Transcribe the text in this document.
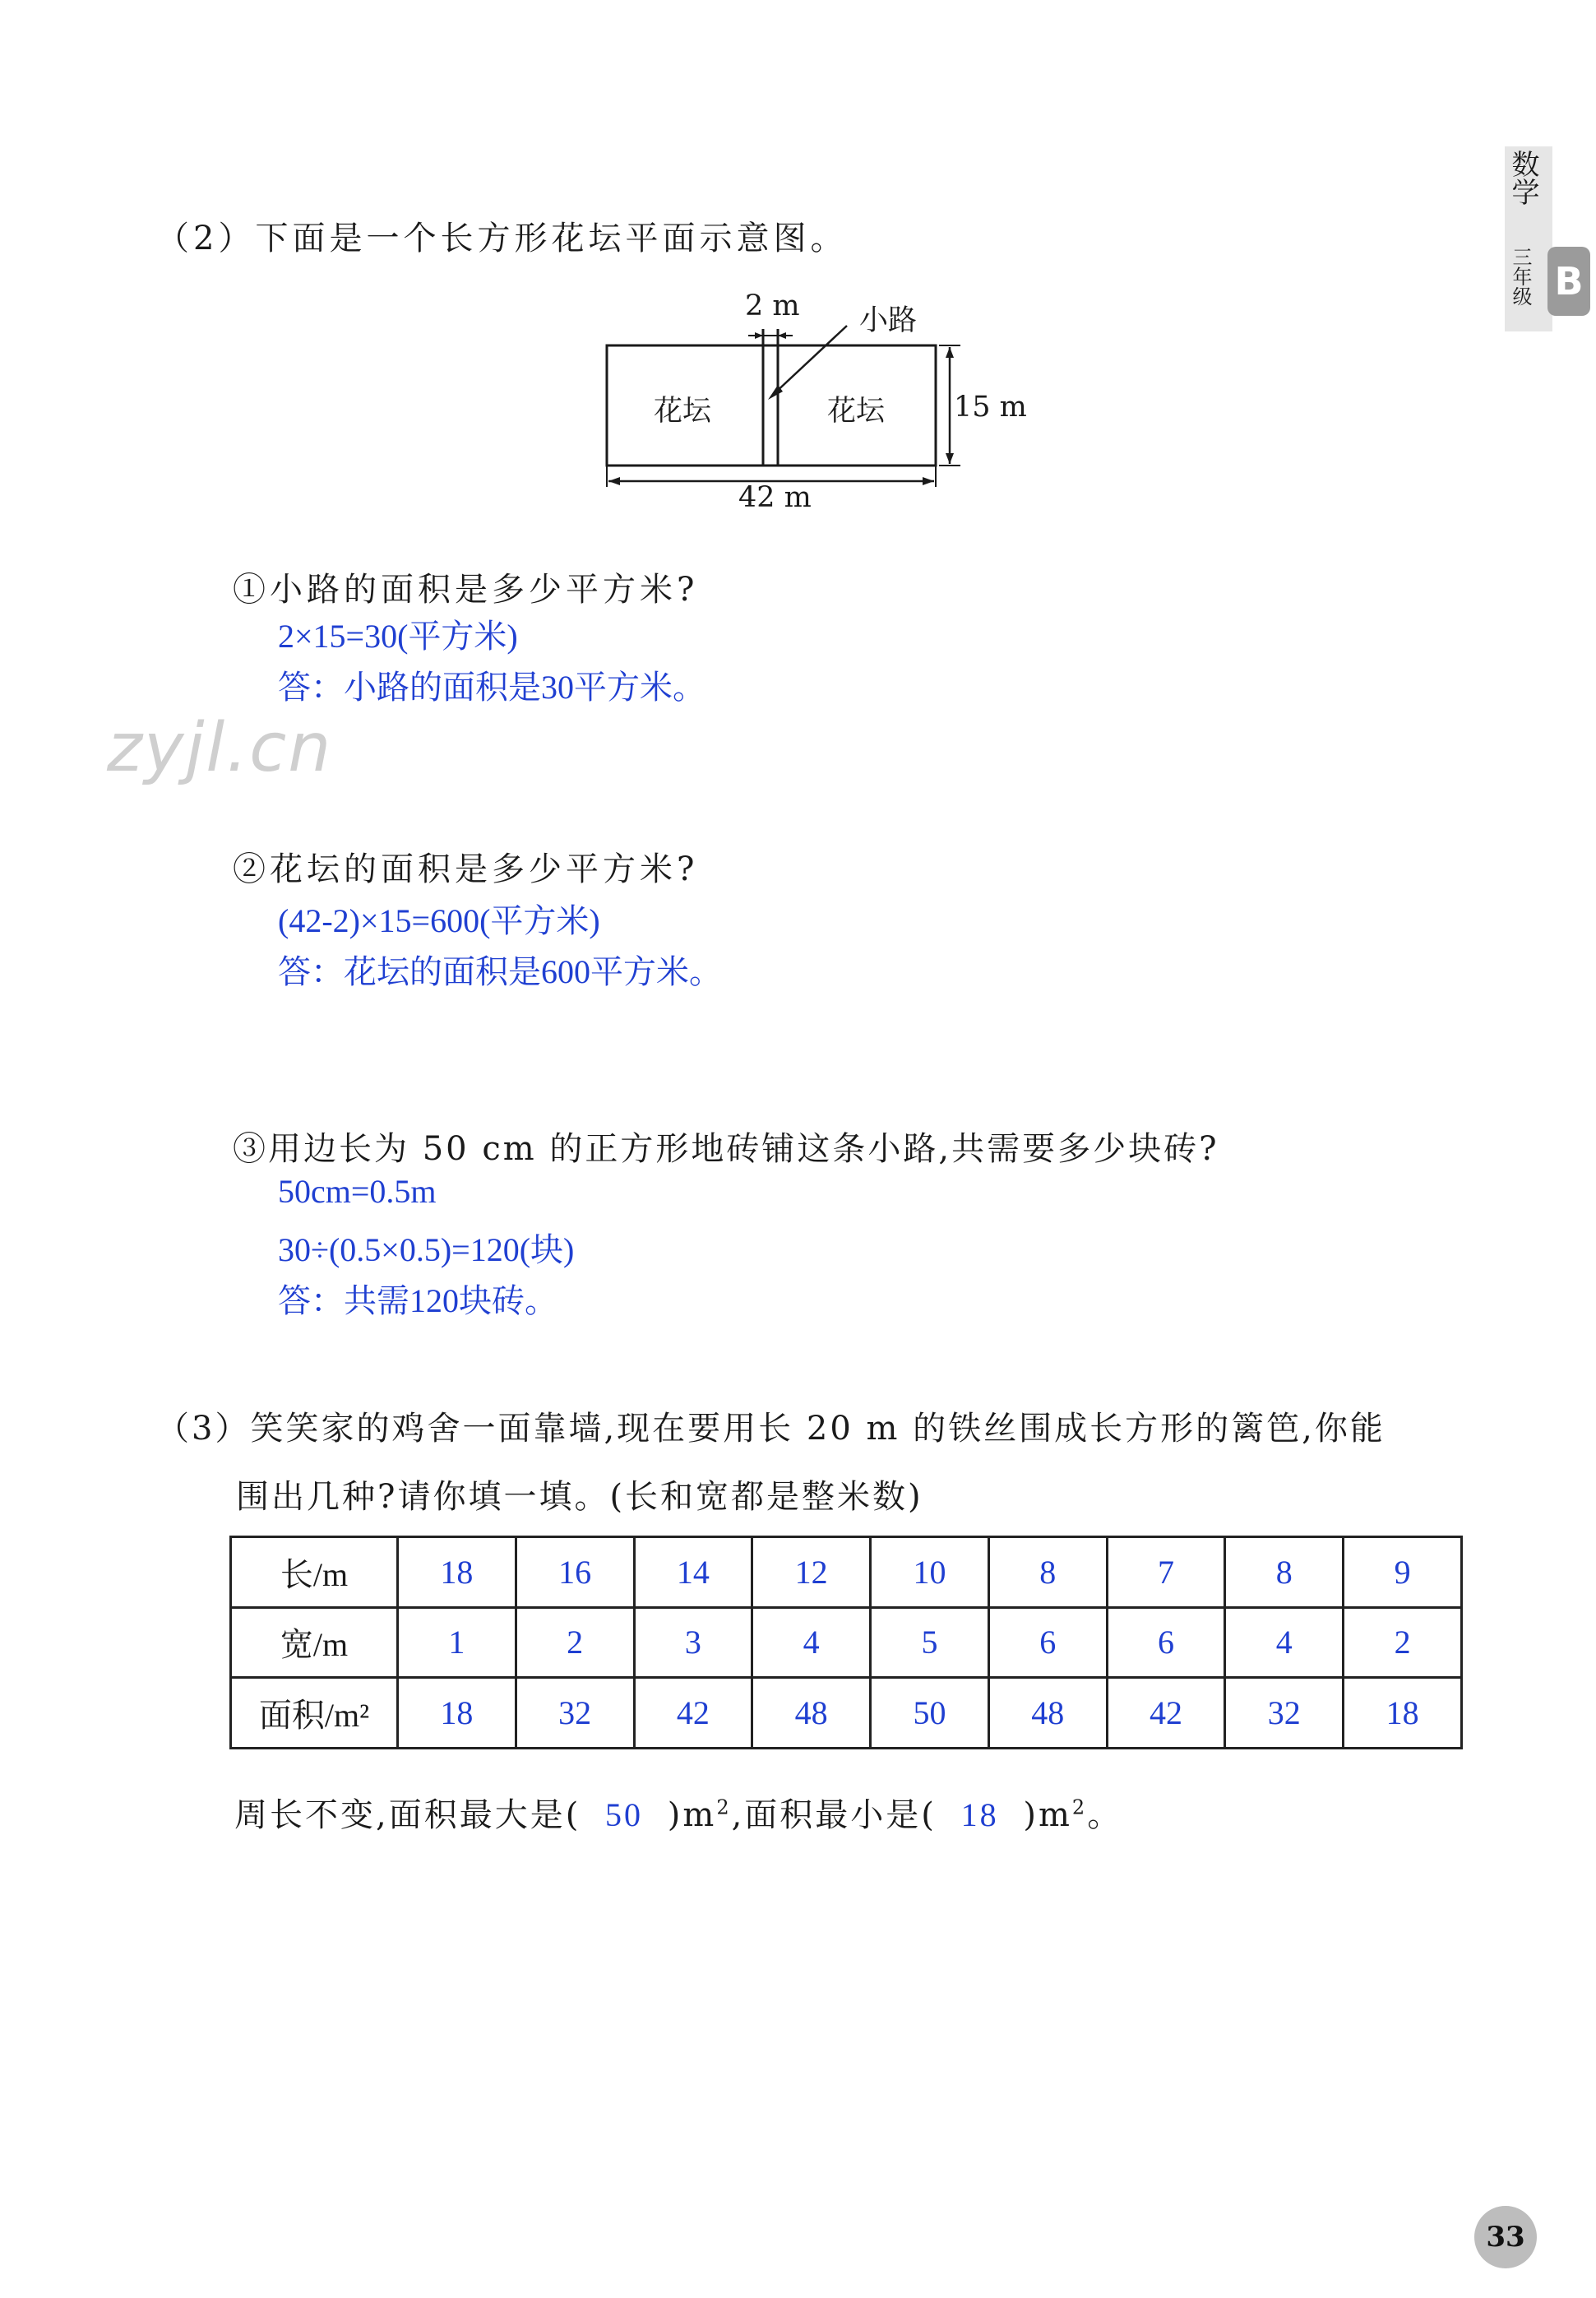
数学
三年级 B
（2）下面是一个长方形花坛平面示意图。
2 m 小路
花坛	花坛 15 m
42 m
①小路的面积是多少平方米?
2×15=30(平方米)
答：小路的面积是30平方米。
zyjl.cn
②花坛的面积是多少平方米?
(42-2)×15=600(平方米)
答：花坛的面积是600平方米。
③用边长为 50 cm 的正方形地砖铺这条小路,共需要多少块砖?
50cm=0.5m
30÷(0.5×0.5)=120(块)
答：共需120块砖。
（3）笑笑家的鸡舍一面靠墙,现在要用长 20 m 的铁丝围成长方形的篱笆,你能
围出几种?请你填一填。(长和宽都是整米数)
长/m	18	16	14	12	10	8	7	8	9
宽/m	1	2	3	4	5	6	6	4	2
面积/m²	18	32	42	48	50	48	42	32	18
周长不变,面积最大是( 50 )$m^2$,面积最小是( 18 )$m^2$。
33
